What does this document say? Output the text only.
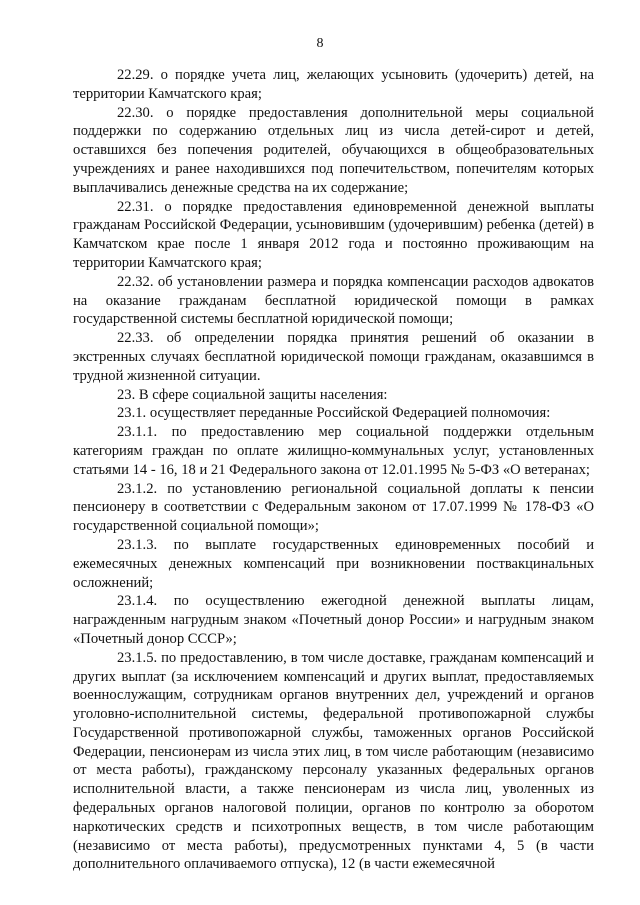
8

22.29. о порядке учета лиц, желающих усыновить (удочерить) детей, на территории Камчатского края;

22.30. о порядке предоставления дополнительной меры социальной поддержки по содержанию отдельных лиц из числа детей-сирот и детей, оставшихся без попечения родителей, обучающихся в общеобразовательных учреждениях и ранее находившихся под попечительством, попечителям которых выплачивались денежные средства на их содержание;

22.31. о порядке предоставления единовременной денежной выплаты гражданам Российской Федерации, усыновившим (удочерившим) ребенка (детей) в Камчатском крае после 1 января 2012 года и постоянно проживающим на территории Камчатского края;

22.32. об установлении размера и порядка компенсации расходов адвокатов на оказание гражданам бесплатной юридической помощи в рамках государственной системы бесплатной юридической помощи;

22.33. об определении порядка принятия решений об оказании в экстренных случаях бесплатной юридической помощи гражданам, оказавшимся в трудной жизненной ситуации.

23. В сфере социальной защиты населения:

23.1. осуществляет переданные Российской Федерацией полномочия:

23.1.1. по предоставлению мер социальной поддержки отдельным категориям граждан по оплате жилищно-коммунальных услуг, установленных статьями 14 - 16, 18 и 21 Федерального закона от 12.01.1995 № 5-ФЗ «О ветеранах;

23.1.2. по установлению региональной социальной доплаты к пенсии пенсионеру в соответствии с Федеральным законом от 17.07.1999 № 178-ФЗ «О государственной социальной помощи»;

23.1.3. по выплате государственных единовременных пособий и ежемесячных денежных компенсаций при возникновении поствакцинальных осложнений;

23.1.4. по осуществлению ежегодной денежной выплаты лицам, награжденным нагрудным знаком «Почетный донор России» и нагрудным знаком «Почетный донор СССР»;

23.1.5. по предоставлению, в том числе доставке, гражданам компенсаций и других выплат (за исключением компенсаций и других выплат, предоставляемых военнослужащим, сотрудникам органов внутренних дел, учреждений и органов уголовно-исполнительной системы, федеральной противопожарной службы Государственной противопожарной службы, таможенных органов Российской Федерации, пенсионерам из числа этих лиц, в том числе работающим (независимо от места работы), гражданскому персоналу указанных федеральных органов исполнительной власти, а также пенсионерам из числа лиц, уволенных из федеральных органов налоговой полиции, органов по контролю за оборотом наркотических средств и психотропных веществ, в том числе работающим (независимо от места работы), предусмотренных пунктами 4, 5 (в части дополнительного оплачиваемого отпуска), 12 (в части ежемесячной
